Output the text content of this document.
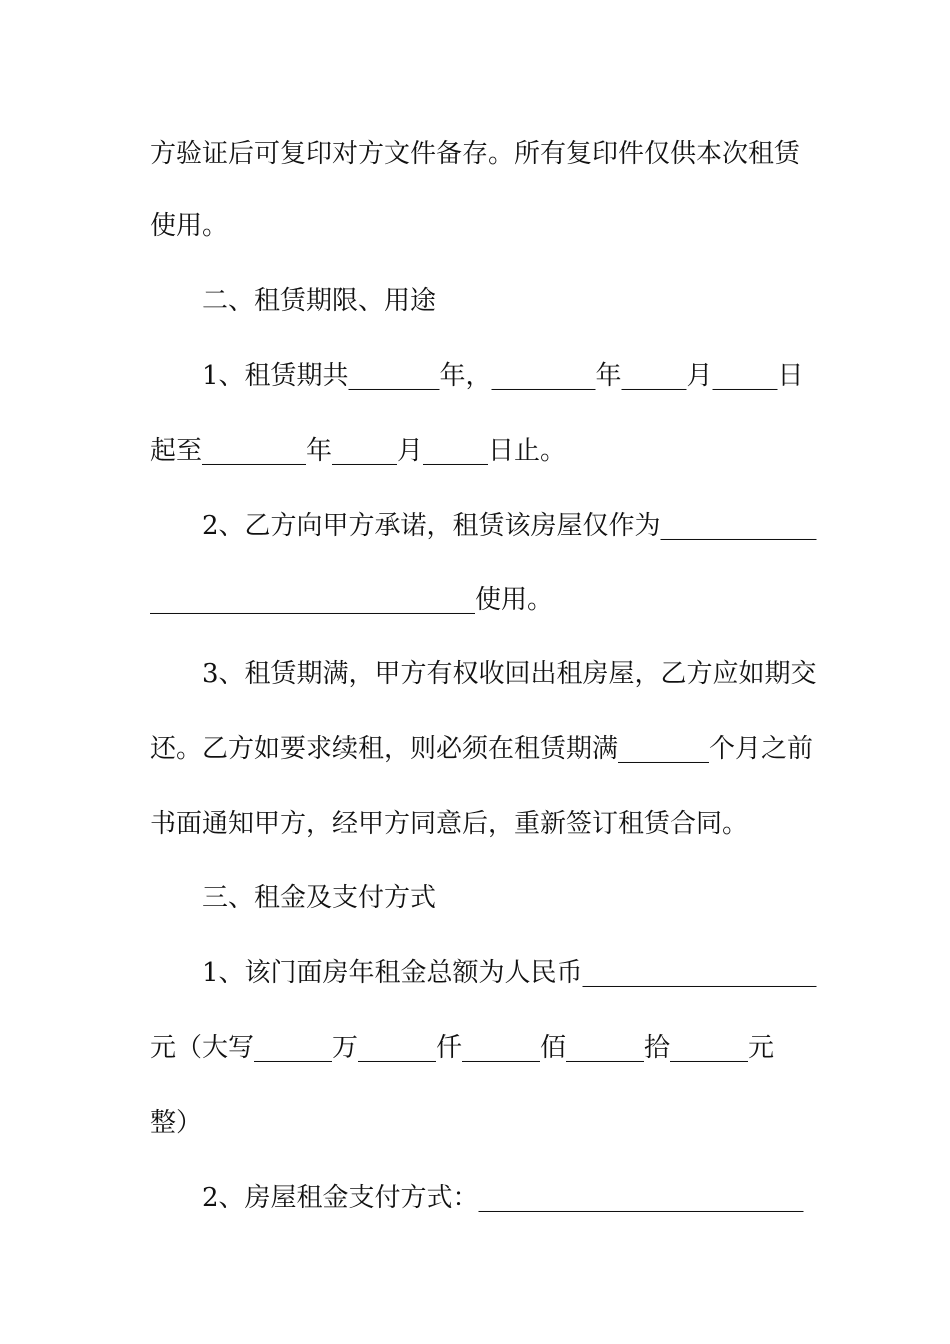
方验证后可复印对方文件备存。所有复印件仅供本次租赁
使用。
二、租赁期限、用途
1、租赁期共_______年，________年_____月_____日
起至________年_____月_____日止。
2、乙方向甲方承诺，租赁该房屋仅作为____________
_________________________使用。
3、租赁期满，甲方有权收回出租房屋，乙方应如期交
还。乙方如要求续租，则必须在租赁期满_______个月之前
书面通知甲方，经甲方同意后，重新签订租赁合同。
三、租金及支付方式
1、该门面房年租金总额为人民币__________________
元（大写______万______仟______佰______拾______元
整）
2、房屋租金支付方式：_________________________
